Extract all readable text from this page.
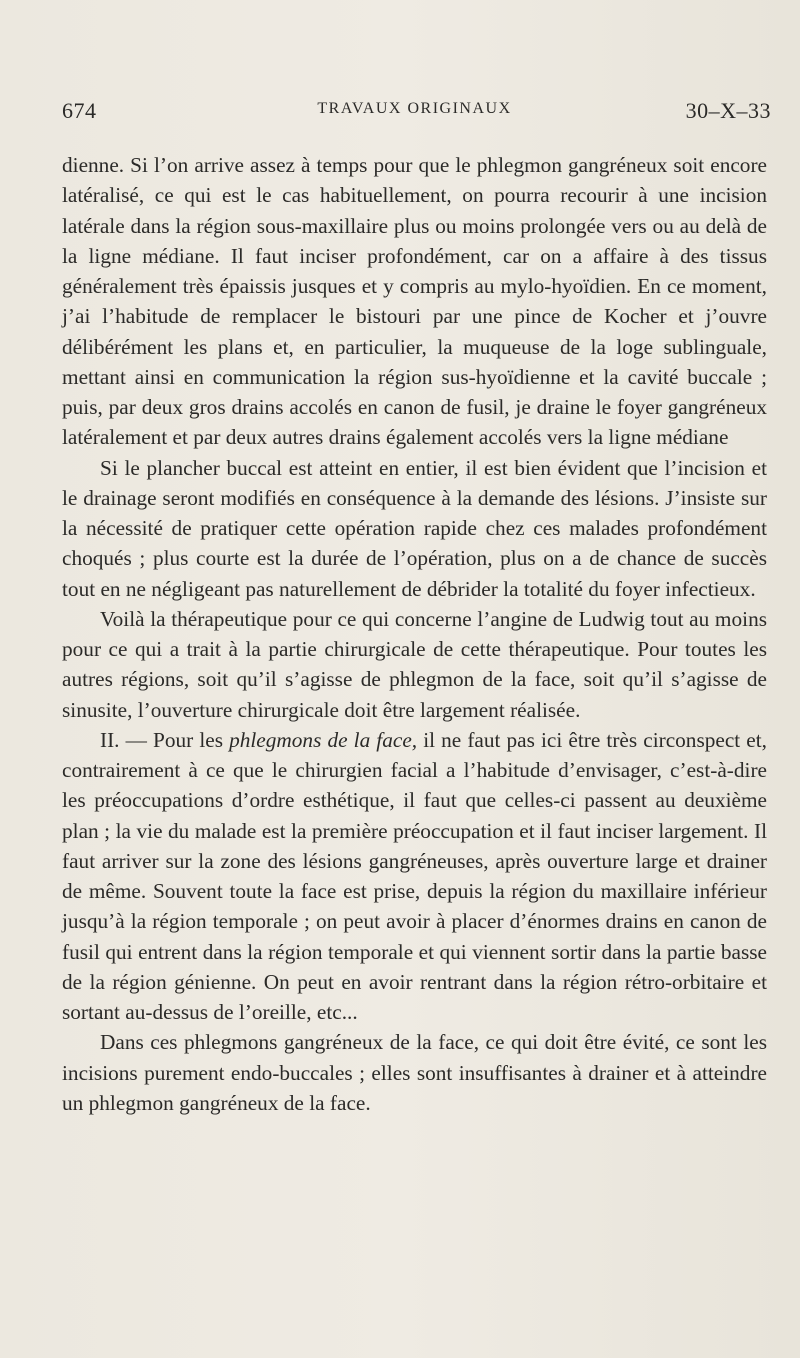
674	TRAVAUX ORIGINAUX	30–X–33

dienne. Si l’on arrive assez à temps pour que le phlegmon gangréneux soit encore latéralisé, ce qui est le cas habituellement, on pourra recourir à une incision latérale dans la région sous-maxillaire plus ou moins prolongée vers ou au delà de la ligne médiane. Il faut inciser profondément, car on a affaire à des tissus généralement très épaissis jusques et y compris au mylo-hyoïdien. En ce moment, j’ai l’habitude de remplacer le bistouri par une pince de Kocher et j’ouvre délibérément les plans et, en particulier, la muqueuse de la loge sublinguale, mettant ainsi en communication la région sus-hyoïdienne et la cavité buccale ; puis, par deux gros drains accolés en canon de fusil, je draine le foyer gangréneux latéralement et par deux autres drains également accolés vers la ligne médiane

Si le plancher buccal est atteint en entier, il est bien évident que l’incision et le drainage seront modifiés en conséquence à la demande des lésions. J’insiste sur la nécessité de pratiquer cette opération rapide chez ces malades profondément choqués ; plus courte est la durée de l’opération, plus on a de chance de succès tout en ne négligeant pas naturellement de débrider la totalité du foyer infectieux.

Voilà la thérapeutique pour ce qui concerne l’angine de Ludwig tout au moins pour ce qui a trait à la partie chirurgicale de cette thérapeutique. Pour toutes les autres régions, soit qu’il s’agisse de phlegmon de la face, soit qu’il s’agisse de sinusite, l’ouverture chirurgicale doit être largement réalisée.

II. — Pour les phlegmons de la face, il ne faut pas ici être très circonspect et, contrairement à ce que le chirurgien facial a l’habitude d’envisager, c’est-à-dire les préoccupations d’ordre esthétique, il faut que celles-ci passent au deuxième plan ; la vie du malade est la première préoccupation et il faut inciser largement. Il faut arriver sur la zone des lésions gangréneuses, après ouverture large et drainer de même. Souvent toute la face est prise, depuis la région du maxillaire inférieur jusqu’à la région temporale ; on peut avoir à placer d’énormes drains en canon de fusil qui entrent dans la région temporale et qui viennent sortir dans la partie basse de la région génienne. On peut en avoir rentrant dans la région rétro-orbitaire et sortant au-dessus de l’oreille, etc...

Dans ces phlegmons gangréneux de la face, ce qui doit être évité, ce sont les incisions purement endo-buccales ; elles sont insuffisantes à drainer et à atteindre un phlegmon gangréneux de la face.
